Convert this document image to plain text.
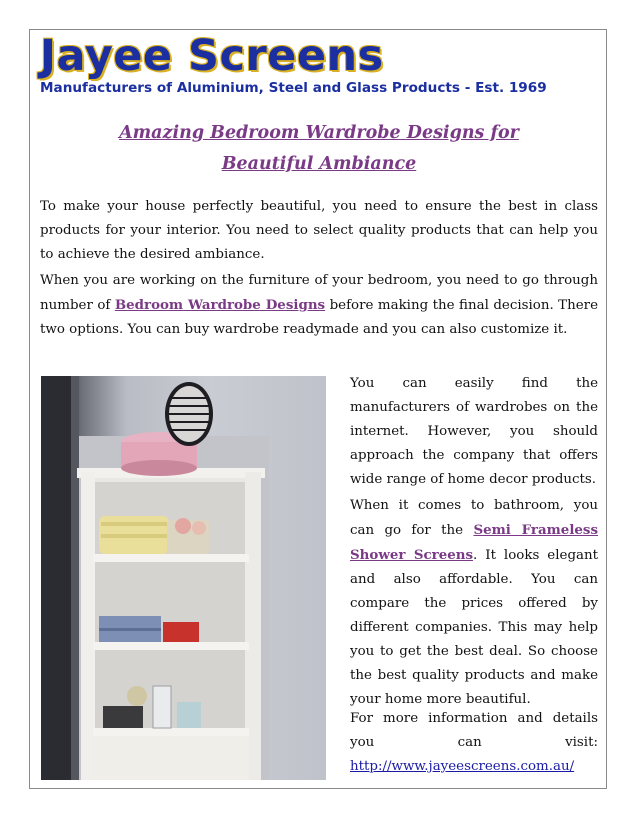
Jayee Screens
Manufacturers of Aluminium, Steel and Glass Products - Est. 1969
Amazing Bedroom Wardrobe Designs for
Beautiful Ambiance

To make your house perfectly beautiful, you need to ensure the best in class products for your interior. You need to select quality products that can help you to achieve the desired ambiance.

When you are working on the furniture of your bedroom, you need to go through number of Bedroom Wardrobe Designs before making the final decision. There two options. You can buy wardrobe readymade and you can also customize it.

You can easily find the manufacturers of wardrobes on the internet. However, you should approach the company that offers wide range of home decor products.

When it comes to bathroom, you can go for the Semi Frameless Shower Screens. It looks elegant and also affordable. You can compare the prices offered by different companies. This may help you to get the best deal. So choose the best quality products and make your home more beautiful.

For more information and details you can visit: http://www.jayeescreens.com.au/
